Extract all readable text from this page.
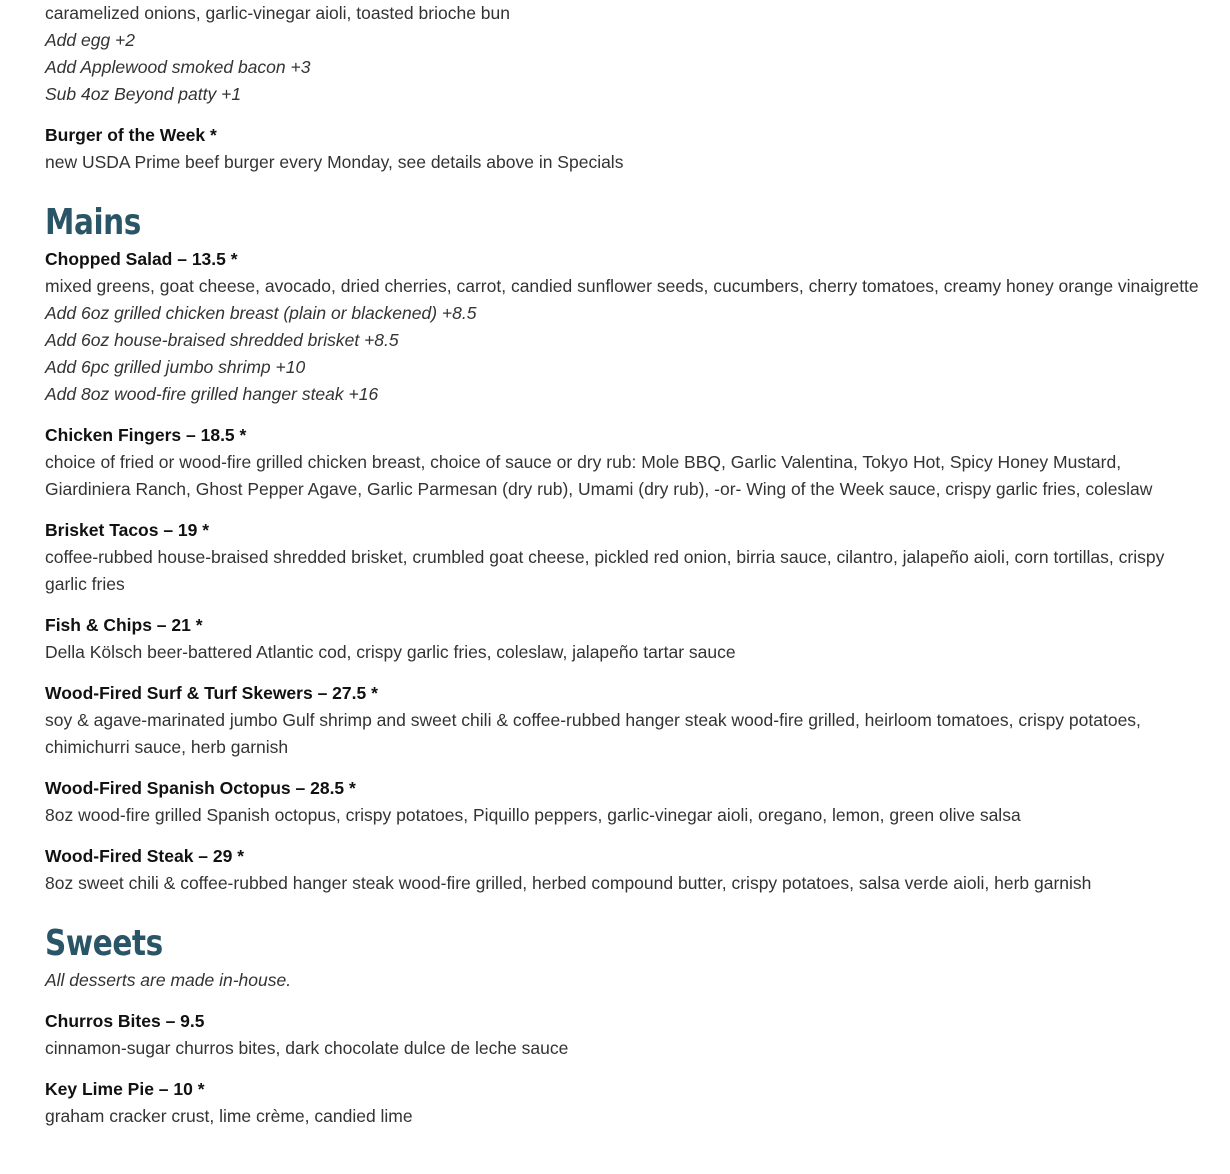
caramelized onions, garlic-vinegar aioli, toasted brioche bun

Add egg +2

Add Applewood smoked bacon +3

Sub 4oz Beyond patty +1

Burger of the Week *

new USDA Prime beef burger every Monday, see details above in Specials

Mains

Chopped Salad – 13.5 *

mixed greens, goat cheese, avocado, dried cherries, carrot, candied sunflower seeds, cucumbers, cherry tomatoes, creamy honey orange vinaigrette

Add 6oz grilled chicken breast (plain or blackened) +8.5

Add 6oz house-braised shredded brisket +8.5

Add 6pc grilled jumbo shrimp +10

Add 8oz wood-fire grilled hanger steak +16

Chicken Fingers – 18.5 *

choice of fried or wood-fire grilled chicken breast, choice of sauce or dry rub: Mole BBQ, Garlic Valentina, Tokyo Hot, Spicy Honey Mustard,

Giardiniera Ranch, Ghost Pepper Agave, Garlic Parmesan (dry rub), Umami (dry rub), -or- Wing of the Week sauce, crispy garlic fries, coleslaw

Brisket Tacos – 19 *

coffee-rubbed house-braised shredded brisket, crumbled goat cheese, pickled red onion, birria sauce, cilantro, jalapeño aioli, corn tortillas, crispy

garlic fries

Fish & Chips – 21 *

Della Kölsch beer-battered Atlantic cod, crispy garlic fries, coleslaw, jalapeño tartar sauce

Wood-Fired Surf & Turf Skewers – 27.5 *

soy & agave-marinated jumbo Gulf shrimp and sweet chili & coffee-rubbed hanger steak wood-fire grilled, heirloom tomatoes, crispy potatoes,

chimichurri sauce, herb garnish

Wood-Fired Spanish Octopus – 28.5 *

8oz wood-fire grilled Spanish octopus, crispy potatoes, Piquillo peppers, garlic-vinegar aioli, oregano, lemon, green olive salsa

Wood-Fired Steak – 29 *

8oz sweet chili & coffee-rubbed hanger steak wood-fire grilled, herbed compound butter, crispy potatoes, salsa verde aioli, herb garnish

Sweets

All desserts are made in-house.

Churros Bites – 9.5

cinnamon-sugar churros bites, dark chocolate dulce de leche sauce

Key Lime Pie – 10 *

graham cracker crust, lime crème, candied lime
